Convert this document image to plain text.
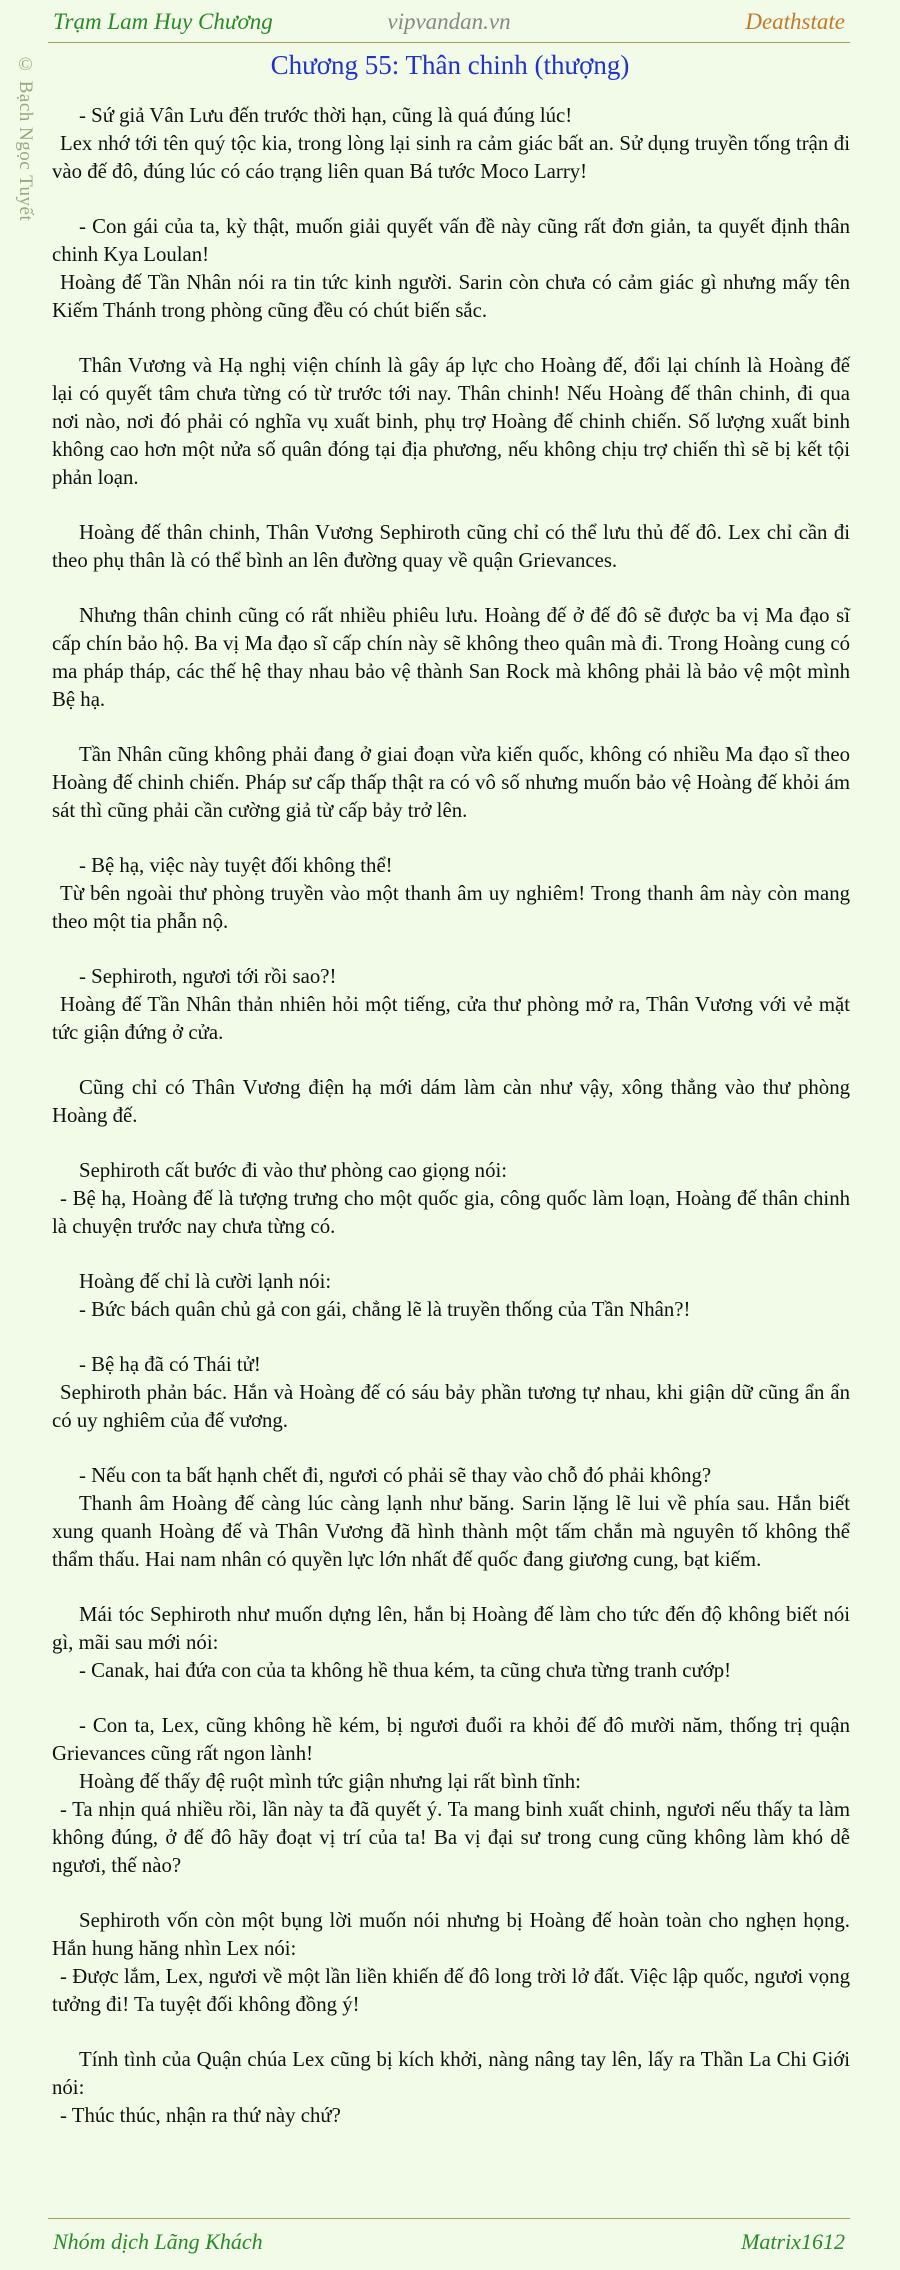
Trạm Lam Huy Chương	vipvandan.vn	Deathstate
© Bạch Ngọc Tuyết	Chương 55: Thân chinh (thượng)

- Sứ giả Vân Lưu đến trước thời hạn, cũng là quá đúng lúc!

Lex nhớ tới tên quý tộc kia, trong lòng lại sinh ra cảm giác bất an. Sử dụng truyền tống trận đi vào đế đô, đúng lúc có cáo trạng liên quan Bá tước Moco Larry!

- Con gái của ta, kỳ thật, muốn giải quyết vấn đề này cũng rất đơn giản, ta quyết định thân chinh Kya Loulan!

Hoàng đế Tần Nhân nói ra tin tức kinh người. Sarin còn chưa có cảm giác gì nhưng mấy tên Kiếm Thánh trong phòng cũng đều có chút biến sắc.

Thân Vương và Hạ nghị viện chính là gây áp lực cho Hoàng đế, đổi lại chính là Hoàng đế lại có quyết tâm chưa từng có từ trước tới nay. Thân chinh! Nếu Hoàng đế thân chinh, đi qua nơi nào, nơi đó phải có nghĩa vụ xuất binh, phụ trợ Hoàng đế chinh chiến. Số lượng xuất binh không cao hơn một nửa số quân đóng tại địa phương, nếu không chịu trợ chiến thì sẽ bị kết tội phản loạn.

Hoàng đế thân chinh, Thân Vương Sephiroth cũng chỉ có thể lưu thủ đế đô. Lex chỉ cần đi theo phụ thân là có thể bình an lên đường quay về quận Grievances.

Nhưng thân chinh cũng có rất nhiều phiêu lưu. Hoàng đế ở đế đô sẽ được ba vị Ma đạo sĩ cấp chín bảo hộ. Ba vị Ma đạo sĩ cấp chín này sẽ không theo quân mà đi. Trong Hoàng cung có ma pháp tháp, các thế hệ thay nhau bảo vệ thành San Rock mà không phải là bảo vệ một mình Bệ hạ.

Tần Nhân cũng không phải đang ở giai đoạn vừa kiến quốc, không có nhiều Ma đạo sĩ theo Hoàng đế chinh chiến. Pháp sư cấp thấp thật ra có vô số nhưng muốn bảo vệ Hoàng đế khỏi ám sát thì cũng phải cần cường giả từ cấp bảy trở lên.

- Bệ hạ, việc này tuyệt đối không thể!

Từ bên ngoài thư phòng truyền vào một thanh âm uy nghiêm! Trong thanh âm này còn mang theo một tia phẫn nộ.

- Sephiroth, ngươi tới rồi sao?!

Hoàng đế Tần Nhân thản nhiên hỏi một tiếng, cửa thư phòng mở ra, Thân Vương với vẻ mặt tức giận đứng ở cửa.

Cũng chỉ có Thân Vương điện hạ mới dám làm càn như vậy, xông thẳng vào thư phòng Hoàng đế.

Sephiroth cất bước đi vào thư phòng cao giọng nói:

- Bệ hạ, Hoàng đế là tượng trưng cho một quốc gia, công quốc làm loạn, Hoàng đế thân chinh là chuyện trước nay chưa từng có.

Hoàng đế chỉ là cười lạnh nói:

- Bức bách quân chủ gả con gái, chẳng lẽ là truyền thống của Tần Nhân?!

- Bệ hạ đã có Thái tử!

Sephiroth phản bác. Hắn và Hoàng đế có sáu bảy phần tương tự nhau, khi giận dữ cũng ẩn ẩn có uy nghiêm của đế vương.

- Nếu con ta bất hạnh chết đi, ngươi có phải sẽ thay vào chỗ đó phải không?

Thanh âm Hoàng đế càng lúc càng lạnh như băng. Sarin lặng lẽ lui về phía sau. Hắn biết xung quanh Hoàng đế và Thân Vương đã hình thành một tấm chắn mà nguyên tố không thể thẩm thấu. Hai nam nhân có quyền lực lớn nhất đế quốc đang giương cung, bạt kiếm.

Mái tóc Sephiroth như muốn dựng lên, hắn bị Hoàng đế làm cho tức đến độ không biết nói gì, mãi sau mới nói:

- Canak, hai đứa con của ta không hề thua kém, ta cũng chưa từng tranh cướp!

- Con ta, Lex, cũng không hề kém, bị ngươi đuổi ra khỏi đế đô mười năm, thống trị quận Grievances cũng rất ngon lành!

Hoàng đế thấy đệ ruột mình tức giận nhưng lại rất bình tĩnh:

- Ta nhịn quá nhiều rồi, lần này ta đã quyết ý. Ta mang binh xuất chinh, ngươi nếu thấy ta làm không đúng, ở đế đô hãy đoạt vị trí của ta! Ba vị đại sư trong cung cũng không làm khó dễ ngươi, thế nào?

Sephiroth vốn còn một bụng lời muốn nói nhưng bị Hoàng đế hoàn toàn cho nghẹn họng. Hắn hung hăng nhìn Lex nói:

- Được lắm, Lex, ngươi về một lần liền khiến đế đô long trời lở đất. Việc lập quốc, ngươi vọng tưởng đi! Ta tuyệt đối không đồng ý!

Tính tình của Quận chúa Lex cũng bị kích khởi, nàng nâng tay lên, lấy ra Thần La Chi Giới nói:

- Thúc thúc, nhận ra thứ này chứ?

Nhóm dịch Lãng Khách	Matrix1612
